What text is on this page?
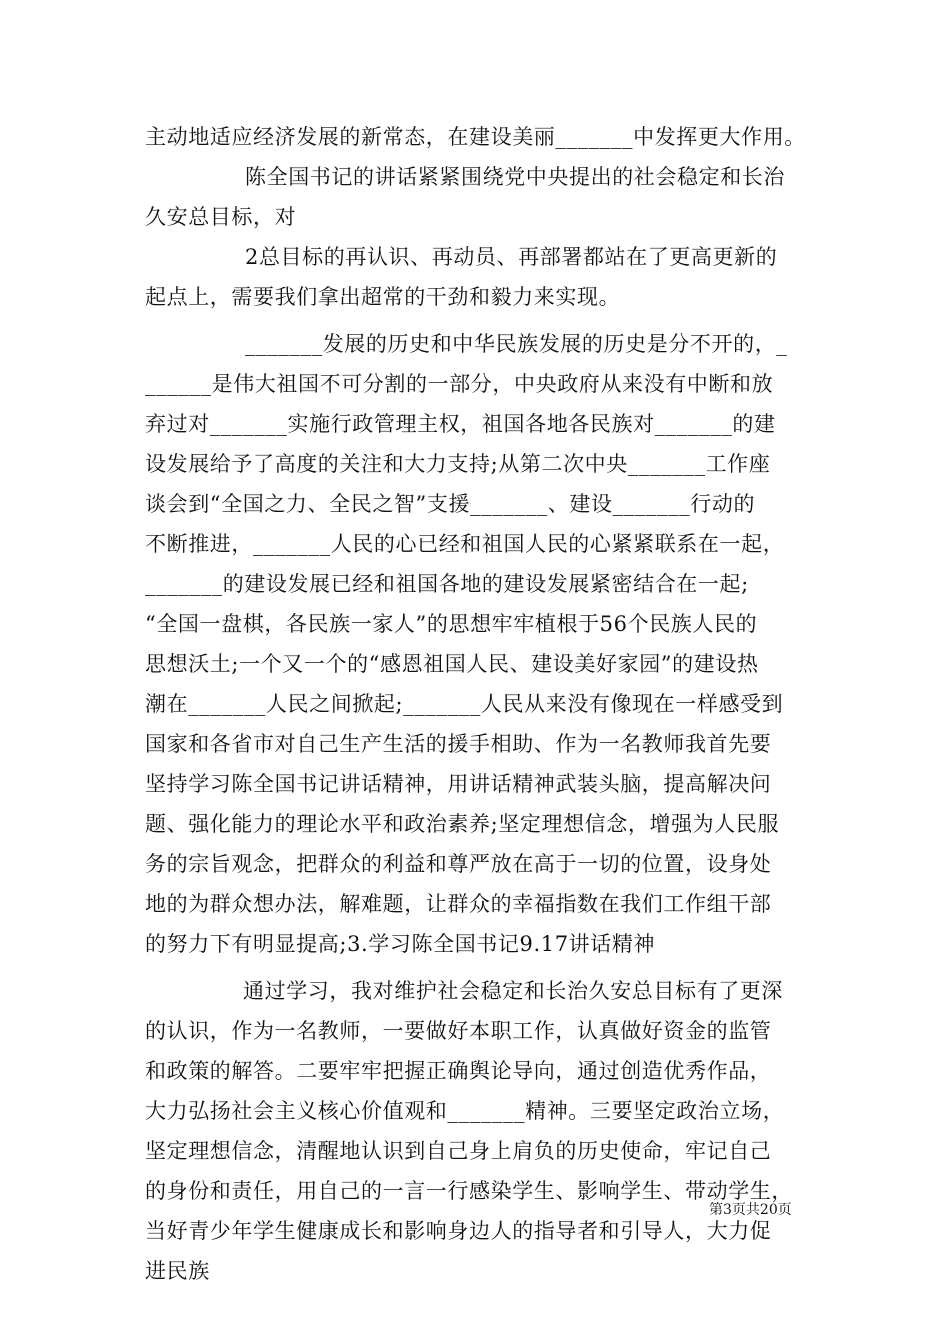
主动地适应经济发展的新常态，在建设美丽_______中发挥更大作用。
陈全国书记的讲话紧紧围绕党中央提出的社会稳定和长治
久安总目标，对
2总目标的再认识、再动员、再部署都站在了更高更新的
起点上，需要我们拿出超常的干劲和毅力来实现。
_______发展的历史和中华民族发展的历史是分不开的，_
______是伟大祖国不可分割的一部分，中央政府从来没有中断和放
弃过对_______实施行政管理主权，祖国各地各民族对_______的建
设发展给予了高度的关注和大力支持;从第二次中央_______工作座
谈会到“全国之力、全民之智”支援_______、建设_______行动的
不断推进，_______人民的心已经和祖国人民的心紧紧联系在一起，
_______的建设发展已经和祖国各地的建设发展紧密结合在一起;
“全国一盘棋，各民族一家人”的思想牢牢植根于56个民族人民的
思想沃土;一个又一个的“感恩祖国人民、建设美好家园”的建设热
潮在_______人民之间掀起;_______人民从来没有像现在一样感受到
国家和各省市对自己生产生活的援手相助、作为一名教师我首先要
坚持学习陈全国书记讲话精神，用讲话精神武装头脑，提高解决问
题、强化能力的理论水平和政治素养;坚定理想信念，增强为人民服
务的宗旨观念，把群众的利益和尊严放在高于一切的位置，设身处
地的为群众想办法，解难题，让群众的幸福指数在我们工作组干部
的努力下有明显提高;3.学习陈全国书记9.17讲话精神
通过学习，我对维护社会稳定和长治久安总目标有了更深
的认识，作为一名教师，一要做好本职工作，认真做好资金的监管
和政策的解答。二要牢牢把握正确舆论导向，通过创造优秀作品，
大力弘扬社会主义核心价值观和_______精神。三要坚定政治立场，
坚定理想信念，清醒地认识到自己身上肩负的历史使命，牢记自己
的身份和责任，用自己的一言一行感染学生、影响学生、带动学生，
当好青少年学生健康成长和影响身边人的指导者和引导人，大力促
进民族
第3页共20页
